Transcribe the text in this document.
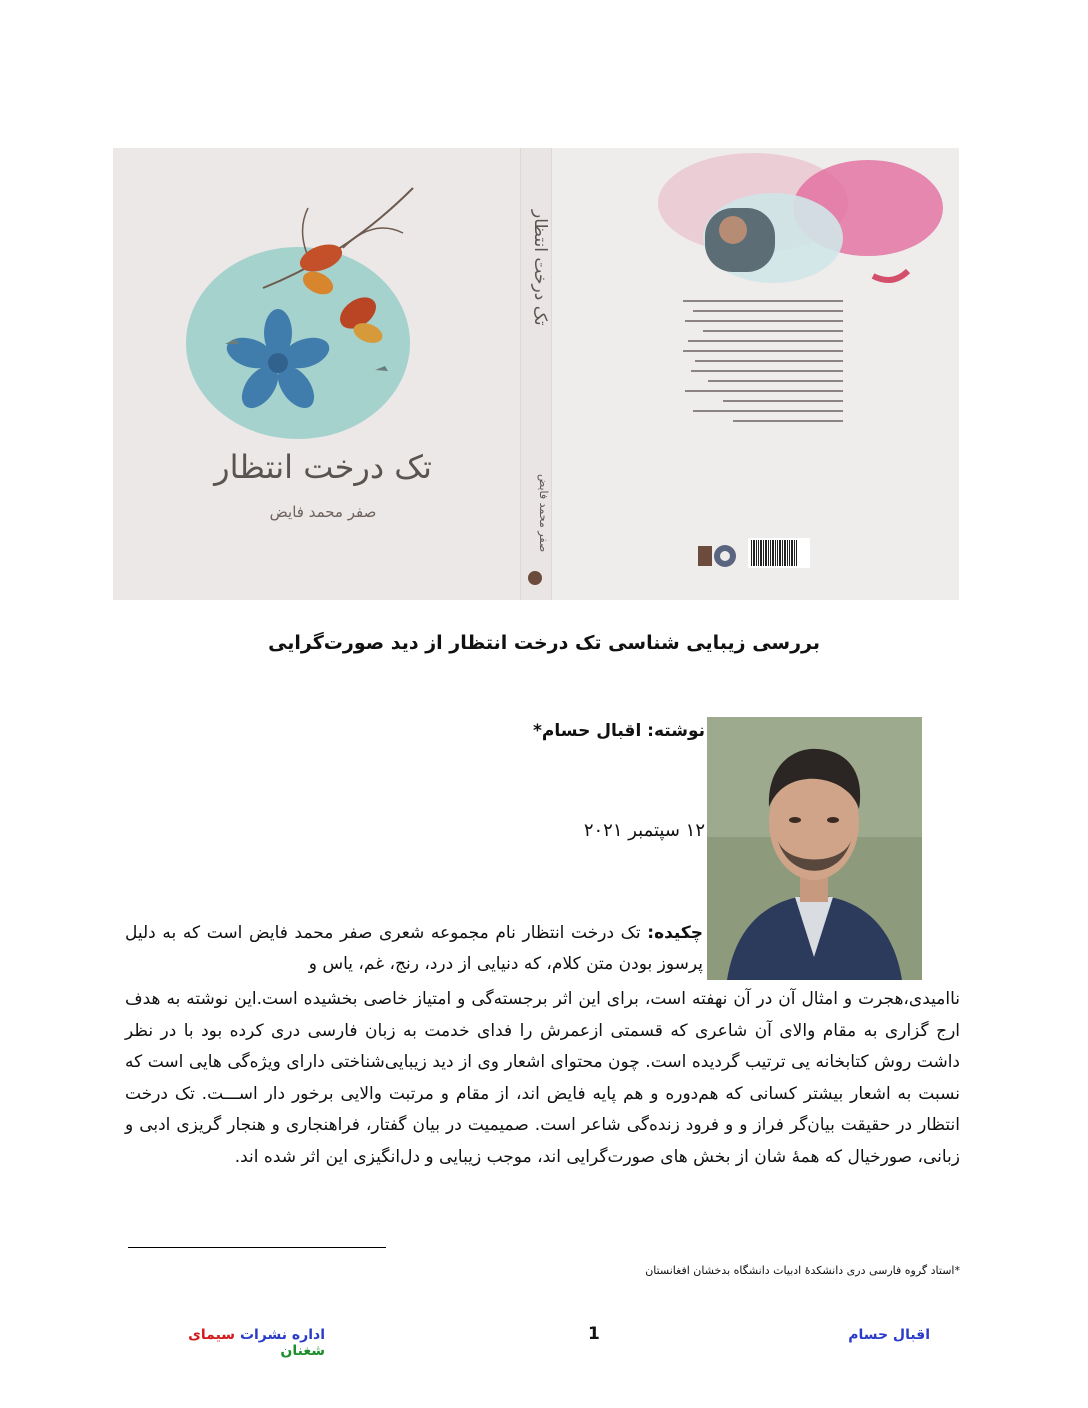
تک درخت انتظار
صفر محمد فایض
تک درخت انتظار
صفر محمد فایض
بررسی زیبایی شناسی تک درخت انتظار از دید صورت‌گرایی
نوشته: اقبال حسام*
۱۲ سپتمبر ۲۰۲۱
چکیده: تک درخت انتظار نام مجموعه شعری صفر محمد فایض است که به دلیل پرسوز بودن متن کلام، که دنیایی از درد، رنج، غم، یاس و
ناامیدی،هجرت و امثال آن در آن نهفته است، برای این اثر برجسته‌گی و امتیاز خاصی بخشیده است.این نوشته به هدف ارج گزاری به مقام والای آن شاعری که قسمتی ازعمرش را فدای خدمت به زبان فارسی دری کرده بود با در نظر داشت روش کتابخانه یی ترتیب گردیده است. چون محتوای اشعار وی از دید زیبایی‌شناختی دارای ویژه‌گی هایی است که نسبت به اشعار بیشتر کسانی که هم‌دوره و هم پایه فایض اند، از مقام و مرتبت والایی برخور دار اســـت. تک درخت انتظار در حقیقت بیان‌گر فراز و و فرود زنده‌گی شاعر است. صمیمیت در بیان گفتار، فراهنجاری و هنجار گریزی ادبی و زبانی، صورخیال که همهٔ شان از بخش های صورت‌گرایی اند، موجب زیبایی و دل‌انگیزی این اثر شده اند.
*استاد گروه فارسی دری دانشکدۀ ادبیات دانشگاه بدخشان افغانستان
اداره نشرات سیمای شغنان
1	اقبال حسام
